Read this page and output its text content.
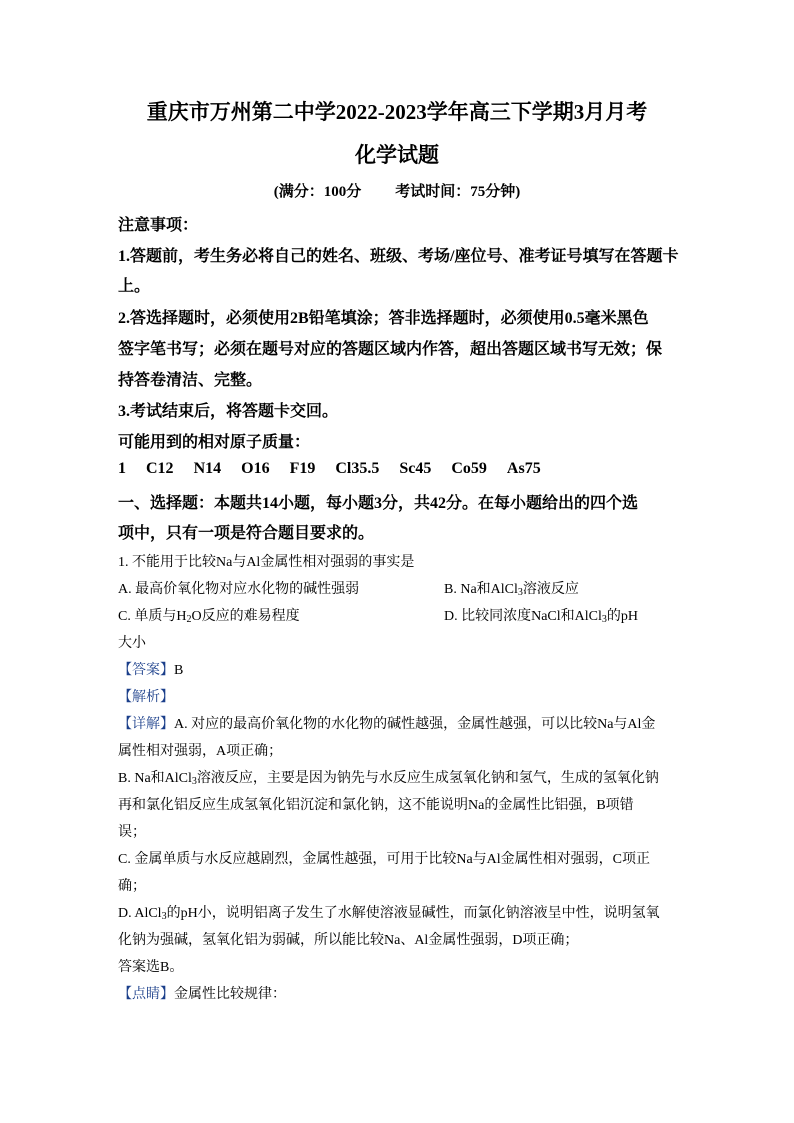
重庆市万州第二中学2022-2023学年高三下学期3月月考
化学试题
(满分：100分 考试时间：75分钟)
注意事项：
1.答题前，考生务必将自己的姓名、班级、考场/座位号、准考证号填写在答题卡
上。
2.答选择题时，必须使用2B铅笔填涂；答非选择题时，必须使用0.5毫米黑色
签字笔书写；必须在题号对应的答题区域内作答，超出答题区域书写无效；保
持答卷清洁、完整。
3.考试结束后，将答题卡交回。
可能用到的相对原子质量：
1 C12 N14 O16 F19 Cl35.5 Sc45 Co59 As75
一、选择题：本题共14小题，每小题3分，共42分。在每小题给出的四个选
项中，只有一项是符合题目要求的。
1. 不能用于比较Na与Al金属性相对强弱的事实是
A. 最高价氧化物对应水化物的碱性强弱	B. Na和AlCl$_3$溶液反应
C. 单质与$H_2O$反应的难易程度	D. 比较同浓度NaCl和AlCl$_3$的pH
大小
【答案】B
【解析】
【详解】A. 对应的最高价氧化物的水化物的碱性越强，金属性越强，可以比较Na与Al金
属性相对强弱，A项正确；
B. Na和AlCl$_3$溶液反应，主要是因为钠先与水反应生成氢氧化钠和氢气，生成的氢氧化钠
再和氯化铝反应生成氢氧化铝沉淀和氯化钠，这不能说明Na的金属性比铝强，B项错
误；
C. 金属单质与水反应越剧烈，金属性越强，可用于比较Na与Al金属性相对强弱，C项正
确；
D. AlCl$_3$的pH小，说明铝离子发生了水解使溶液显碱性，而氯化钠溶液呈中性，说明氢氧
化钠为强碱，氢氧化铝为弱碱，所以能比较Na、Al金属性强弱，D项正确；
答案选B。
【点睛】金属性比较规律：
